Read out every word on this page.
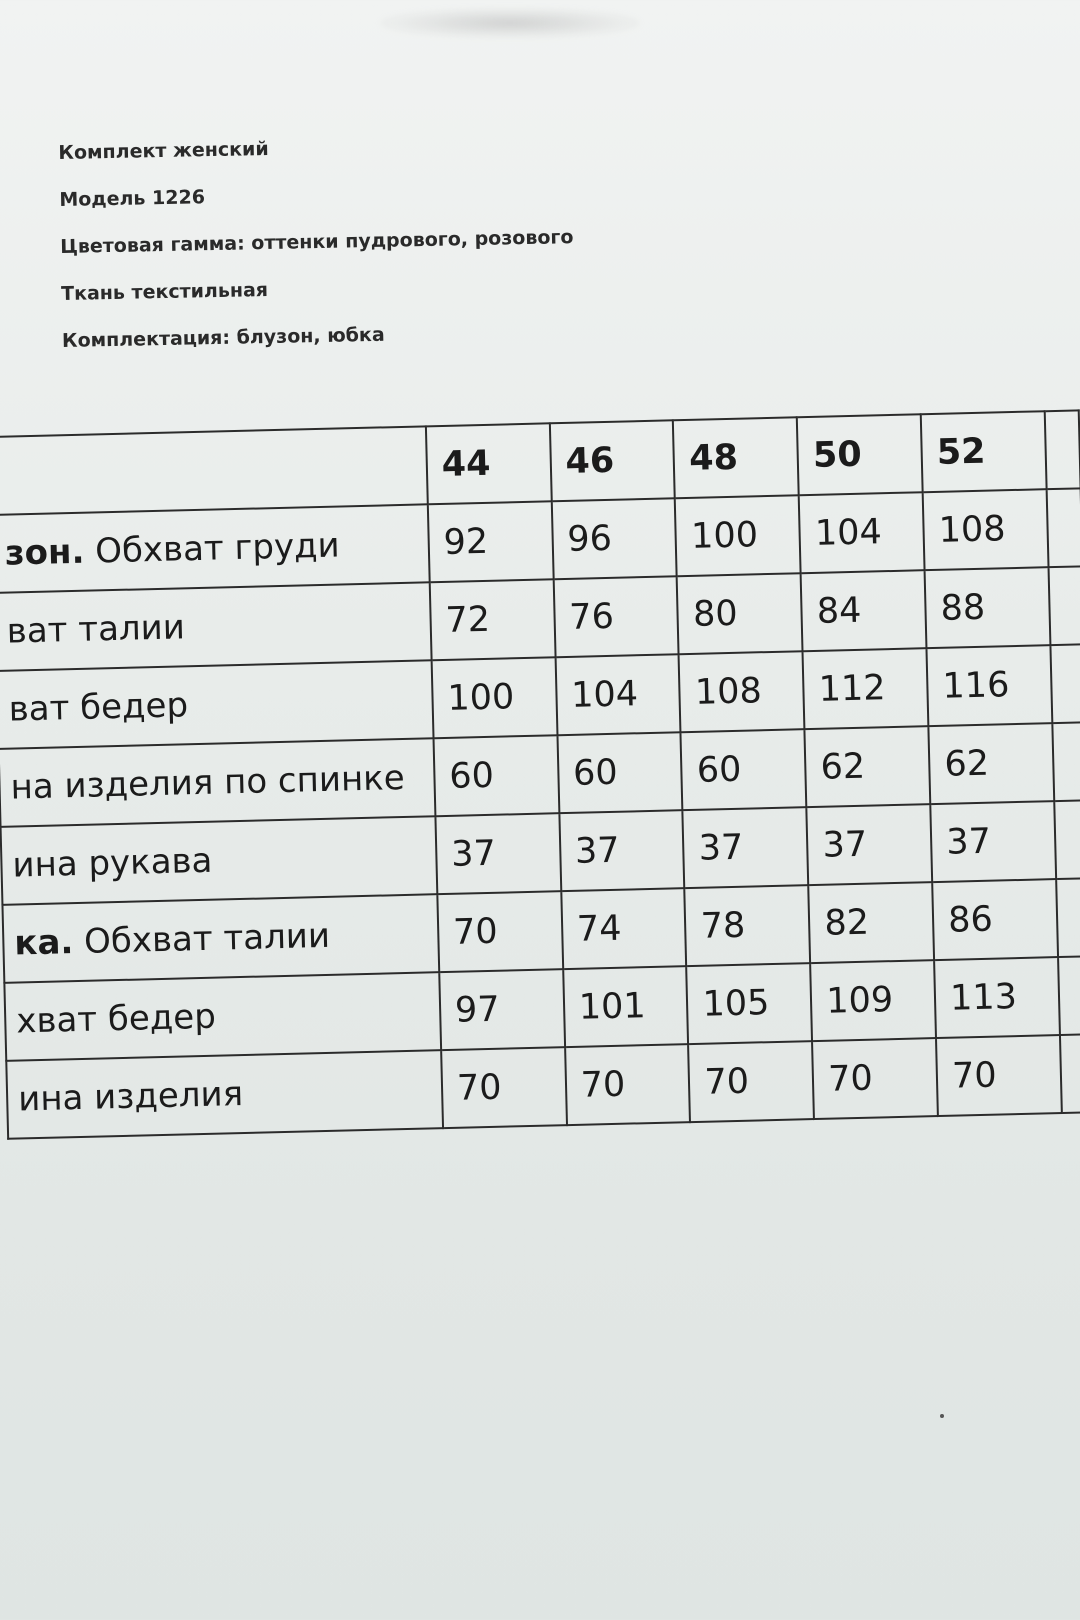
Комплект женский
Модель 1226
Цветовая гамма: оттенки пудрового, розового
Ткань текстильная
Комплектация: блузон, юбка
	44	46	48	50	52	
зон. Обхват груди	92	96	100	104	108	
ват талии	72	76	80	84	88	
ват бедер	100	104	108	112	116	
на изделия по спинке	60	60	60	62	62	
ина рукава	37	37	37	37	37	
ка. Обхват талии	70	74	78	82	86	
хват бедер	97	101	105	109	113	
ина изделия	70	70	70	70	70	
